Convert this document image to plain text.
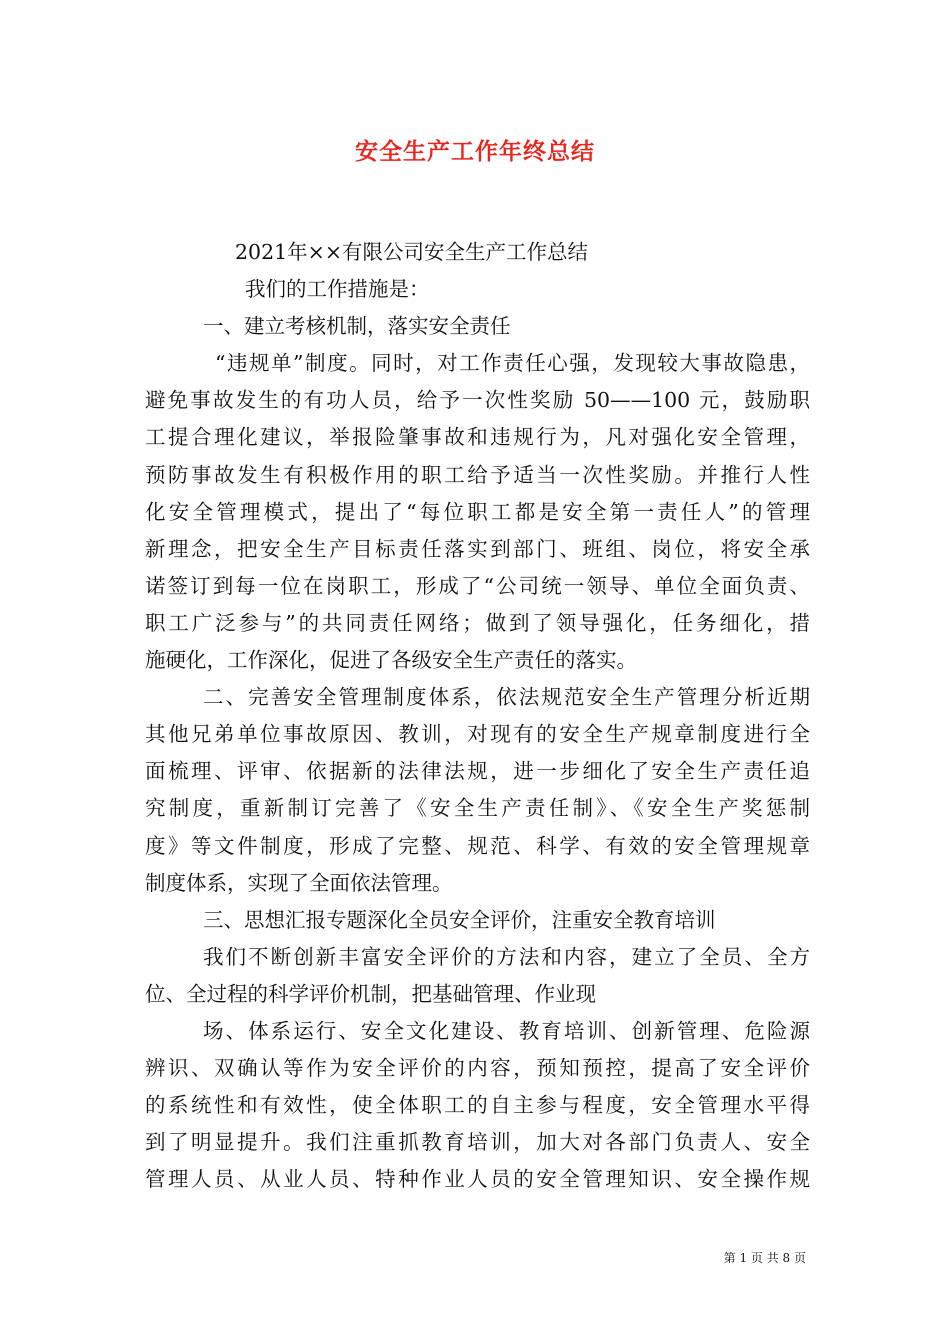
安全生产工作年终总结
2021年××有限公司安全生产工作总结
我们的工作措施是：
一、建立考核机制，落实安全责任
“违规单”制度。同时，对工作责任心强，发现较大事故隐患，
避免事故发生的有功人员，给予一次性奖励 50——100 元，鼓励职
工提合理化建议，举报险肇事故和违规行为，凡对强化安全管理，
预防事故发生有积极作用的职工给予适当一次性奖励。并推行人性
化安全管理模式，提出了“每位职工都是安全第一责任人”的管理
新理念，把安全生产目标责任落实到部门、班组、岗位，将安全承
诺签订到每一位在岗职工，形成了“公司统一领导、单位全面负责、
职工广泛参与”的共同责任网络；做到了领导强化，任务细化，措
施硬化，工作深化，促进了各级安全生产责任的落实。
二、完善安全管理制度体系，依法规范安全生产管理分析近期
其他兄弟单位事故原因、教训，对现有的安全生产规章制度进行全
面梳理、评审、依据新的法律法规，进一步细化了安全生产责任追
究制度，重新制订完善了《安全生产责任制》、《安全生产奖惩制
度》等文件制度，形成了完整、规范、科学、有效的安全管理规章
制度体系，实现了全面依法管理。
三、思想汇报专题深化全员安全评价，注重安全教育培训
我们不断创新丰富安全评价的方法和内容，建立了全员、全方
位、全过程的科学评价机制，把基础管理、作业现
场、体系运行、安全文化建设、教育培训、创新管理、危险源
辨识、双确认等作为安全评价的内容，预知预控，提高了安全评价
的系统性和有效性，使全体职工的自主参与程度，安全管理水平得
到了明显提升。我们注重抓教育培训，加大对各部门负责人、安全
管理人员、从业人员、特种作业人员的安全管理知识、安全操作规
第 1 页 共 8 页
